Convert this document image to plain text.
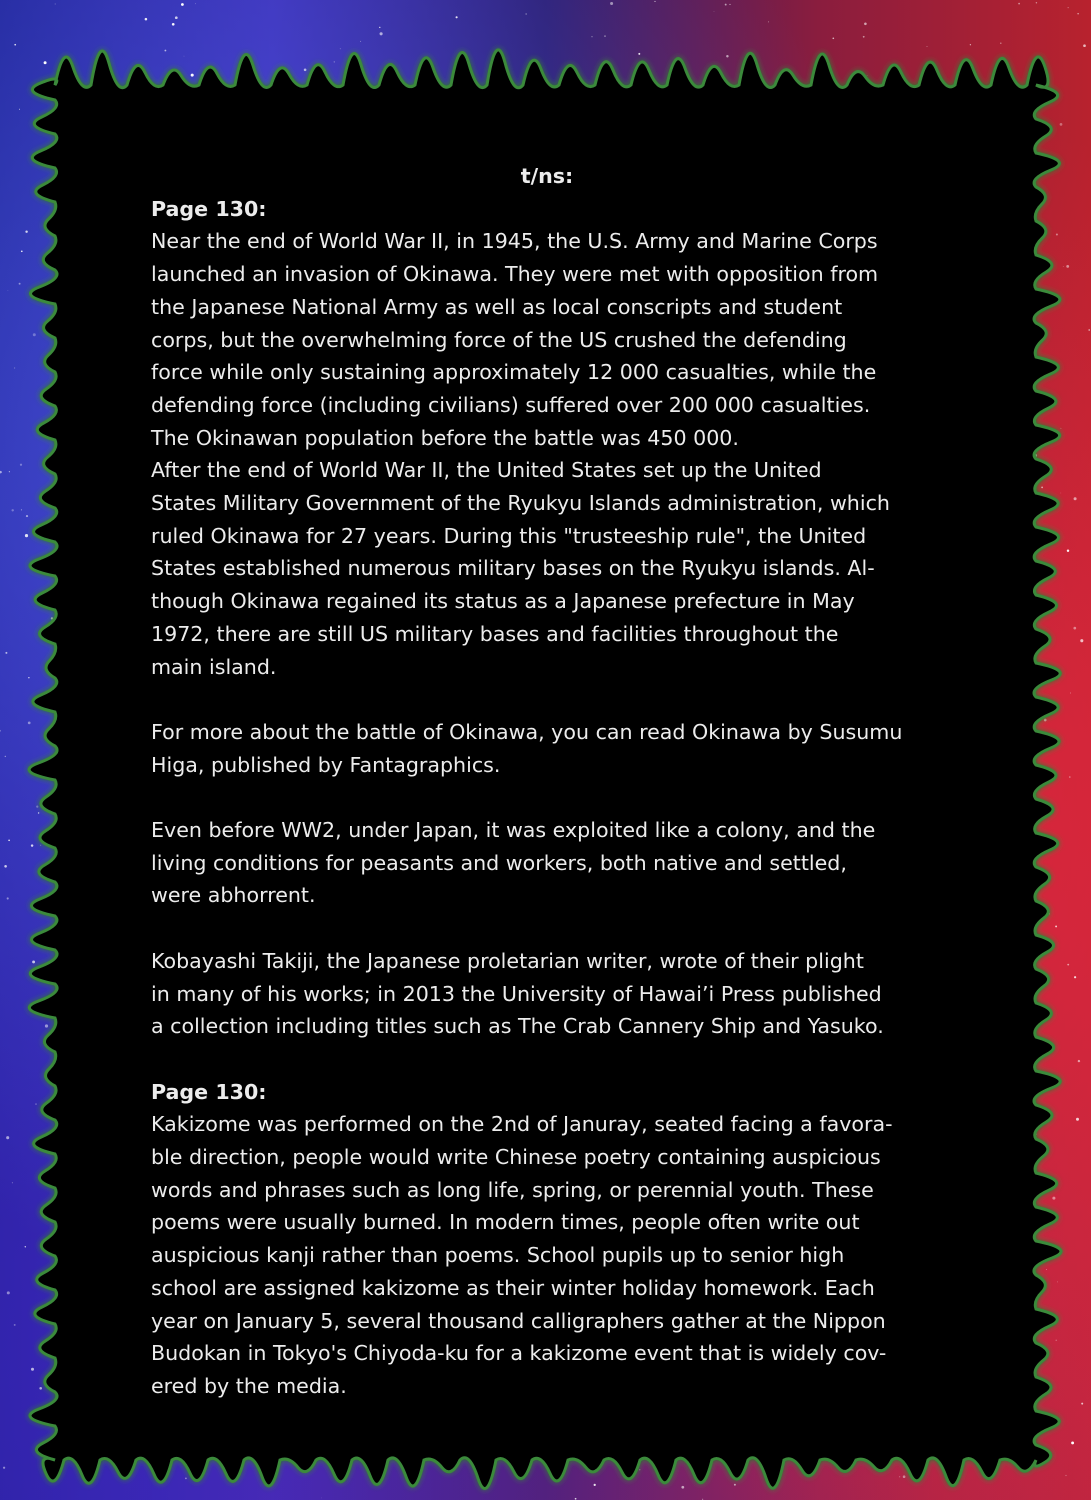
t/ns:
Page 130:
Near the end of World War II, in 1945, the U.S. Army and Marine Corps
launched an invasion of Okinawa. They were met with opposition from
the Japanese National Army as well as local conscripts and student
corps, but the overwhelming force of the US crushed the defending
force while only sustaining approximately 12 000 casualties, while the
defending force (including civilians) suffered over 200 000 casualties.
The Okinawan population before the battle was 450 000.
After the end of World War II, the United States set up the United
States Military Government of the Ryukyu Islands administration, which
ruled Okinawa for 27 years. During this "trusteeship rule", the United
States established numerous military bases on the Ryukyu islands. Al-
though Okinawa regained its status as a Japanese prefecture in May
1972, there are still US military bases and facilities throughout the
main island.
For more about the battle of Okinawa, you can read Okinawa by Susumu
Higa, published by Fantagraphics.
Even before WW2, under Japan, it was exploited like a colony, and the
living conditions for peasants and workers, both native and settled,
were abhorrent.
Kobayashi Takiji, the Japanese proletarian writer, wrote of their plight
in many of his works; in 2013 the University of Hawai’i Press published
a collection including titles such as The Crab Cannery Ship and Yasuko.
Page 130:
Kakizome was performed on the 2nd of Januray, seated facing a favora-
ble direction, people would write Chinese poetry containing auspicious
words and phrases such as long life, spring, or perennial youth. These
poems were usually burned. In modern times, people often write out
auspicious kanji rather than poems. School pupils up to senior high
school are assigned kakizome as their winter holiday homework. Each
year on January 5, several thousand calligraphers gather at the Nippon
Budokan in Tokyo's Chiyoda-ku for a kakizome event that is widely cov-
ered by the media.
